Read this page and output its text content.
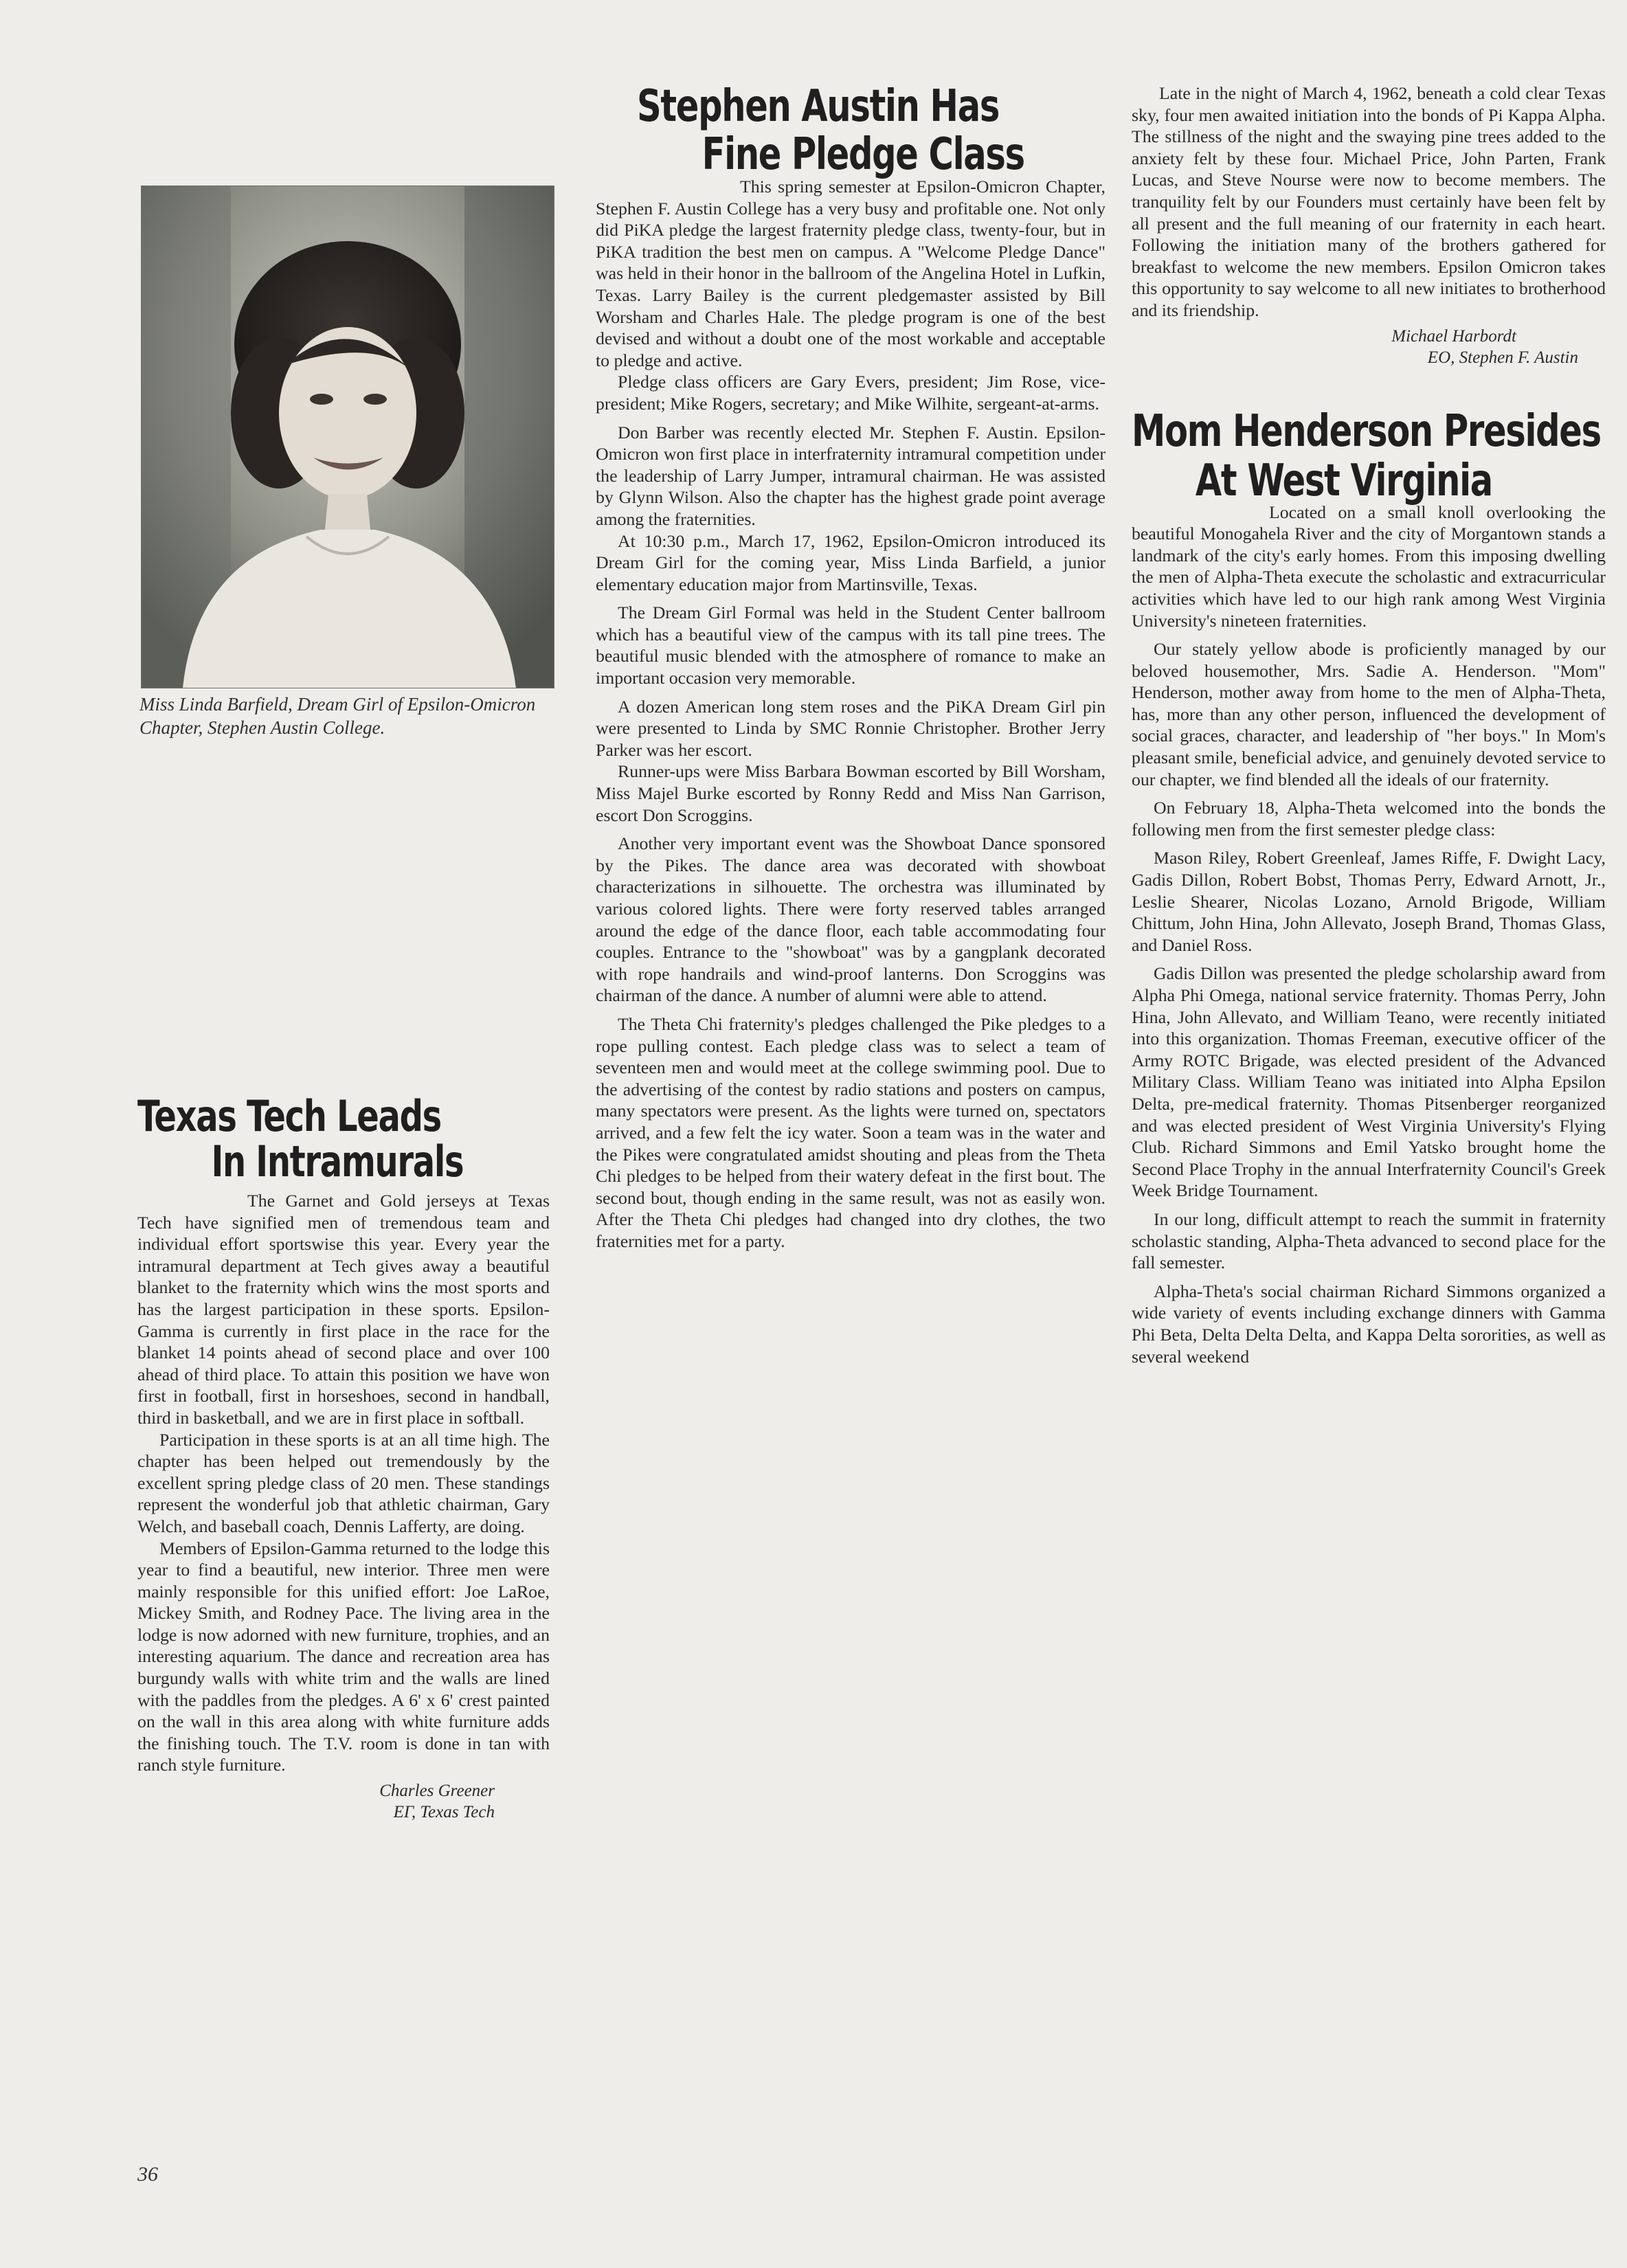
Miss Linda Barfield, Dream Girl of Epsilon-Omicron Chapter, Stephen Austin College.
Texas Tech Leads
In Intramurals

The Garnet and Gold jerseys at Texas Tech have signified men of tremendous team and individual effort sportswise this year. Every year the intramural department at Tech gives away a beautiful blanket to the fraternity which wins the most sports and has the largest participation in these sports. Epsilon-Gamma is currently in first place in the race for the blanket 14 points ahead of second place and over 100 ahead of third place. To attain this position we have won first in football, first in horseshoes, second in handball, third in basketball, and we are in first place in softball.

Participation in these sports is at an all time high. The chapter has been helped out tremendously by the excellent spring pledge class of 20 men. These standings represent the wonderful job that athletic chairman, Gary Welch, and baseball coach, Dennis Lafferty, are doing.

Members of Epsilon-Gamma returned to the lodge this year to find a beautiful, new interior. Three men were mainly responsible for this unified effort: Joe LaRoe, Mickey Smith, and Rodney Pace. The living area in the lodge is now adorned with new furniture, trophies, and an interesting aquarium. The dance and recreation area has burgundy walls with white trim and the walls are lined with the paddles from the pledges. A 6' x 6' crest painted on the wall in this area along with white furniture adds the finishing touch. The T.V. room is done in tan with ranch style furniture.

Charles Greener

EΓ, Texas Tech

Stephen Austin Has
Fine Pledge Class

This spring semester at Epsilon-Omicron Chapter, Stephen F. Austin College has a very busy and profitable one. Not only did PiKA pledge the largest fraternity pledge class, twenty-four, but in PiKA tradition the best men on campus. A "Welcome Pledge Dance" was held in their honor in the ballroom of the Angelina Hotel in Lufkin, Texas. Larry Bailey is the current pledgemaster assisted by Bill Worsham and Charles Hale. The pledge program is one of the best devised and without a doubt one of the most workable and acceptable to pledge and active.

Pledge class officers are Gary Evers, president; Jim Rose, vice-president; Mike Rogers, secretary; and Mike Wilhite, sergeant-at-arms.

Don Barber was recently elected Mr. Stephen F. Austin. Epsilon-Omicron won first place in interfraternity intramural competition under the leadership of Larry Jumper, intramural chairman. He was assisted by Glynn Wilson. Also the chapter has the highest grade point average among the fraternities.

At 10:30 p.m., March 17, 1962, Epsilon-Omicron introduced its Dream Girl for the coming year, Miss Linda Barfield, a junior elementary education major from Martinsville, Texas.

The Dream Girl Formal was held in the Student Center ballroom which has a beautiful view of the campus with its tall pine trees. The beautiful music blended with the atmosphere of romance to make an important occasion very memorable.

A dozen American long stem roses and the PiKA Dream Girl pin were presented to Linda by SMC Ronnie Christopher. Brother Jerry Parker was her escort.

Runner-ups were Miss Barbara Bowman escorted by Bill Worsham, Miss Majel Burke escorted by Ronny Redd and Miss Nan Garrison, escort Don Scroggins.

Another very important event was the Showboat Dance sponsored by the Pikes. The dance area was decorated with showboat characterizations in silhouette. The orchestra was illuminated by various colored lights. There were forty reserved tables arranged around the edge of the dance floor, each table accommodating four couples. Entrance to the "showboat" was by a gangplank decorated with rope handrails and wind-proof lanterns. Don Scroggins was chairman of the dance. A number of alumni were able to attend.

The Theta Chi fraternity's pledges challenged the Pike pledges to a rope pulling contest. Each pledge class was to select a team of seventeen men and would meet at the college swimming pool. Due to the advertising of the contest by radio stations and posters on campus, many spectators were present. As the lights were turned on, spectators arrived, and a few felt the icy water. Soon a team was in the water and the Pikes were congratulated amidst shouting and pleas from the Theta Chi pledges to be helped from their watery defeat in the first bout. The second bout, though ending in the same result, was not as easily won. After the Theta Chi pledges had changed into dry clothes, the two fraternities met for a party.

Late in the night of March 4, 1962, beneath a cold clear Texas sky, four men awaited initiation into the bonds of Pi Kappa Alpha. The stillness of the night and the swaying pine trees added to the anxiety felt by these four. Michael Price, John Parten, Frank Lucas, and Steve Nourse were now to become members. The tranquility felt by our Founders must certainly have been felt by all present and the full meaning of our fraternity in each heart. Following the initiation many of the brothers gathered for breakfast to welcome the new members. Epsilon Omicron takes this opportunity to say welcome to all new initiates to brotherhood and its friendship.

Michael Harbordt

EO, Stephen F. Austin

Mom Henderson Presides
At West Virginia

Located on a small knoll overlooking the beautiful Monogahela River and the city of Morgantown stands a landmark of the city's early homes. From this imposing dwelling the men of Alpha-Theta execute the scholastic and extracurricular activities which have led to our high rank among West Virginia University's nineteen fraternities.

Our stately yellow abode is proficiently managed by our beloved housemother, Mrs. Sadie A. Henderson. "Mom" Henderson, mother away from home to the men of Alpha-Theta, has, more than any other person, influenced the development of social graces, character, and leadership of "her boys." In Mom's pleasant smile, beneficial advice, and genuinely devoted service to our chapter, we find blended all the ideals of our fraternity.

On February 18, Alpha-Theta welcomed into the bonds the following men from the first semester pledge class:

Mason Riley, Robert Greenleaf, James Riffe, F. Dwight Lacy, Gadis Dillon, Robert Bobst, Thomas Perry, Edward Arnott, Jr., Leslie Shearer, Nicolas Lozano, Arnold Brigode, William Chittum, John Hina, John Allevato, Joseph Brand, Thomas Glass, and Daniel Ross.

Gadis Dillon was presented the pledge scholarship award from Alpha Phi Omega, national service fraternity. Thomas Perry, John Hina, John Allevato, and William Teano, were recently initiated into this organization. Thomas Freeman, executive officer of the Army ROTC Brigade, was elected president of the Advanced Military Class. William Teano was initiated into Alpha Epsilon Delta, pre-medical fraternity. Thomas Pitsenberger reorganized and was elected president of West Virginia University's Flying Club. Richard Simmons and Emil Yatsko brought home the Second Place Trophy in the annual Interfraternity Council's Greek Week Bridge Tournament.

In our long, difficult attempt to reach the summit in fraternity scholastic standing, Alpha-Theta advanced to second place for the fall semester.

Alpha-Theta's social chairman Richard Simmons organized a wide variety of events including exchange dinners with Gamma Phi Beta, Delta Delta Delta, and Kappa Delta sororities, as well as several weekend

36
